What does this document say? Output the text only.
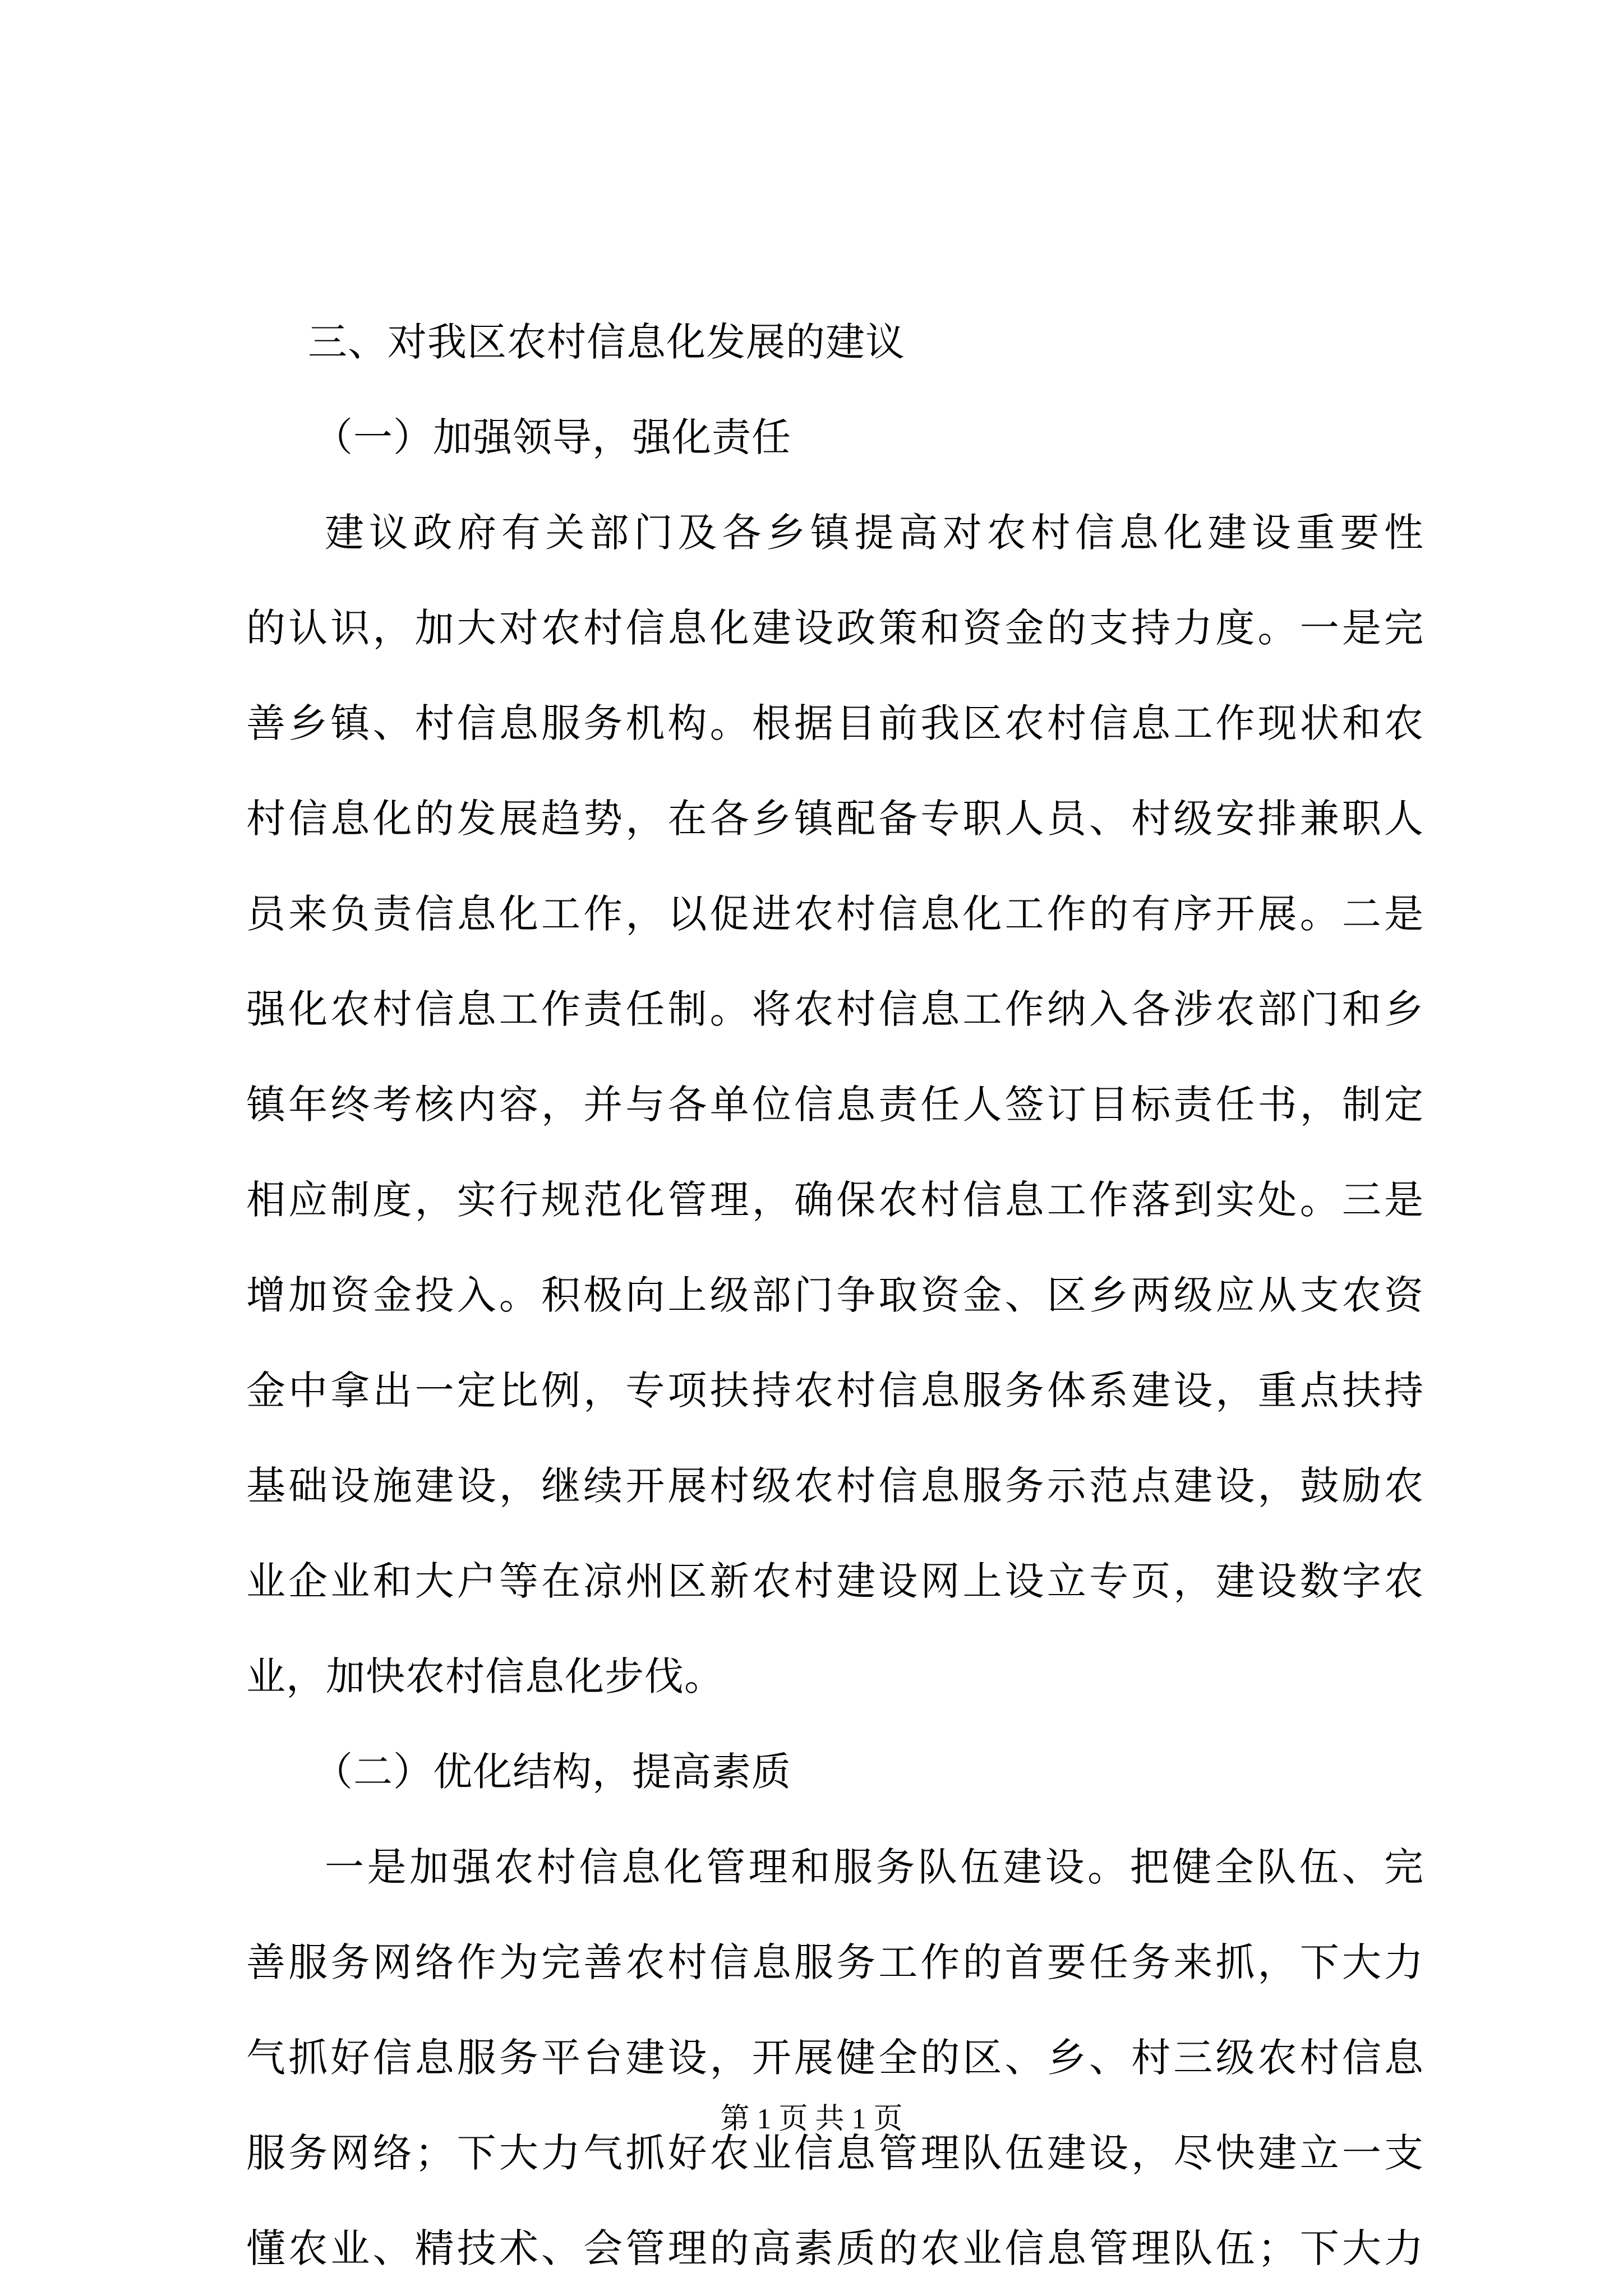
三、对我区农村信息化发展的建议
（一）加强领导，强化责任
建议政府有关部门及各乡镇提高对农村信息化建设重要性
的认识，加大对农村信息化建设政策和资金的支持力度。一是完
善乡镇、村信息服务机构。根据目前我区农村信息工作现状和农
村信息化的发展趋势，在各乡镇配备专职人员、村级安排兼职人
员来负责信息化工作，以促进农村信息化工作的有序开展。二是
强化农村信息工作责任制。将农村信息工作纳入各涉农部门和乡
镇年终考核内容，并与各单位信息责任人签订目标责任书，制定
相应制度，实行规范化管理，确保农村信息工作落到实处。三是
增加资金投入。积极向上级部门争取资金、区乡两级应从支农资
金中拿出一定比例，专项扶持农村信息服务体系建设，重点扶持
基础设施建设，继续开展村级农村信息服务示范点建设，鼓励农
业企业和大户等在凉州区新农村建设网上设立专页，建设数字农
业，加快农村信息化步伐。
（二）优化结构，提高素质
一是加强农村信息化管理和服务队伍建设。把健全队伍、完
善服务网络作为完善农村信息服务工作的首要任务来抓，下大力
气抓好信息服务平台建设，开展健全的区、乡、村三级农村信息
服务网络；下大力气抓好农业信息管理队伍建设，尽快建立一支
懂农业、精技术、会管理的高素质的农业信息管理队伍；下大力
第 1 页 共 1 页
